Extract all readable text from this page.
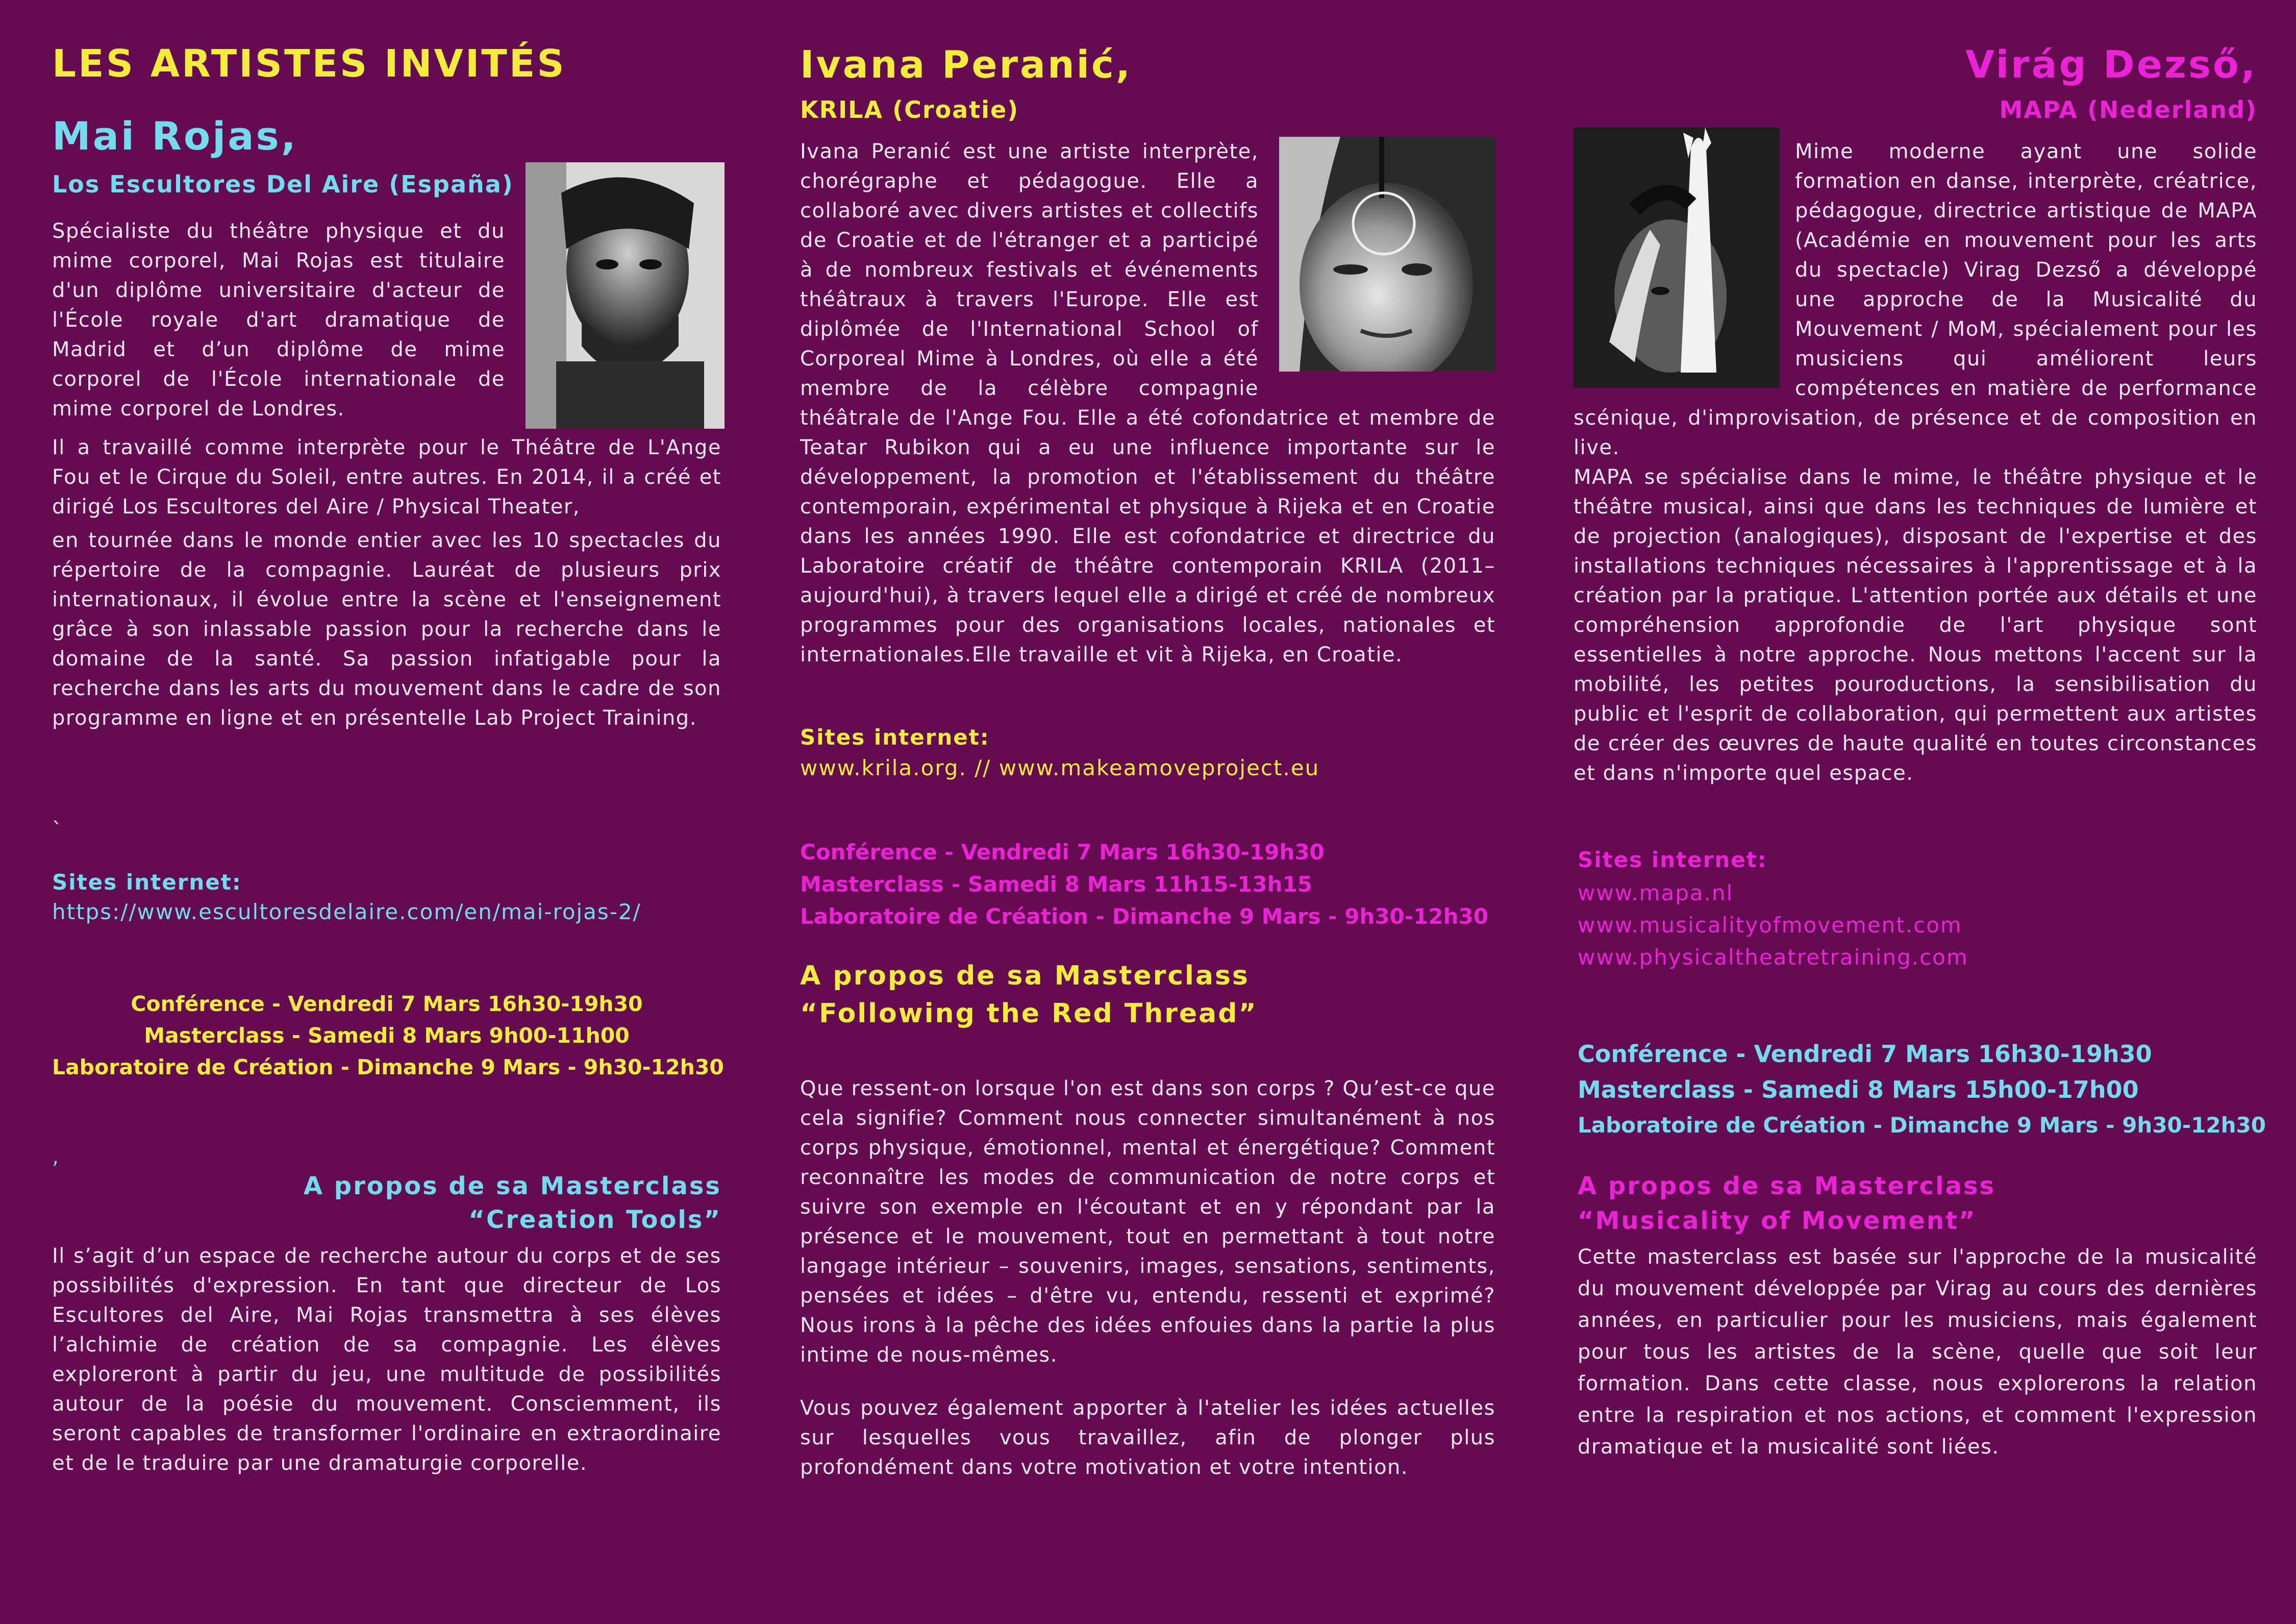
LES ARTISTES INVITÉS
Mai Rojas,
Los Escultores Del Aire (España)

Spécialiste du théâtre physique et du mime corporel, Mai Rojas est titulaire d'un diplôme universitaire d'acteur de l'École royale d'art dramatique de Madrid et d’un diplôme de mime corporel de l'École internationale de mime corporel de Londres.

Il a travaillé comme interprète pour le Théâtre de L'Ange Fou et le Cirque du Soleil, entre autres. En 2014, il a créé et dirigé Los Escultores del Aire / Physical Theater,

en tournée dans le monde entier avec les 10 spectacles du répertoire de la compagnie. Lauréat de plusieurs prix internationaux, il évolue entre la scène et l'enseignement grâce à son inlassable passion pour la recherche dans le domaine de la santé. Sa passion infatigable pour la recherche dans les arts du mouvement dans le cadre de son programme en ligne et en présentelle Lab Project Training.

`
Sites internet:
https://www.escultoresdelaire.com/en/mai-rojas-2/
Conférence - Vendredi 7 Mars 16h30-19h30
Masterclass - Samedi 8 Mars 9h00-11h00
Laboratoire de Création - Dimanche 9 Mars - 9h30-12h30
‚
A propos de sa Masterclass
“Creation Tools”

Il s’agit d’un espace de recherche autour du corps et de ses possibilités d'expression. En tant que directeur de Los Escultores del Aire, Mai Rojas transmettra à ses élèves l’alchimie de création de sa compagnie. Les élèves exploreront à partir du jeu, une multitude de possibilités autour de la poésie du mouvement. Consciemment, ils seront capables de transformer l'ordinaire en extraordinaire et de le traduire par une dramaturgie corporelle.

Ivana Peranić,
KRILA (Croatie)

Ivana Peranić est une artiste interprète, chorégraphe et pédagogue. Elle a collaboré avec divers artistes et collectifs de Croatie et de l'étranger et a participé à de nombreux festivals et événements théâtraux à travers l'Europe. Elle est diplômée de l'International School of Corporeal Mime à Londres, où elle a été membre de la célèbre compagnie théâtrale de l'Ange Fou. Elle a été cofondatrice et membre de Teatar Rubikon qui a eu une influence importante sur le développement, la promotion et l'établissement du théâtre contemporain, expérimental et physique à Rijeka et en Croatie dans les années 1990. Elle est cofondatrice et directrice du Laboratoire créatif de théâtre contemporain KRILA (2011–aujourd'hui), à travers lequel elle a dirigé et créé de nombreux programmes pour des organisations locales, nationales et internationales.Elle travaille et vit à Rijeka, en Croatie.

Sites internet:
www.krila.org. // www.makeamoveproject.eu
Conférence - Vendredi 7 Mars 16h30-19h30
Masterclass - Samedi 8 Mars 11h15-13h15
Laboratoire de Création - Dimanche 9 Mars - 9h30-12h30
A propos de sa Masterclass
“Following the Red Thread”

Que ressent-on lorsque l'on est dans son corps ? Qu’est-ce que cela signifie? Comment nous connecter simultanément à nos corps physique, émotionnel, mental et énergétique? Comment reconnaître les modes de communication de notre corps et suivre son exemple en l'écoutant et en y répondant par la présence et le mouvement, tout en permettant à tout notre langage intérieur – souvenirs, images, sensations, sentiments, pensées et idées – d'être vu, entendu, ressenti et exprimé? Nous irons à la pêche des idées enfouies dans la partie la plus intime de nous-mêmes.

Vous pouvez également apporter à l'atelier les idées actuelles sur lesquelles vous travaillez, afin de plonger plus profondément dans votre motivation et votre intention.

Virág Dezső,
MAPA (Nederland)

Mime moderne ayant une solide formation en danse, interprète, créatrice, pédagogue, directrice artistique de MAPA (Académie en mouvement pour les arts du spectacle) Virag Dezső a développé une approche de la Musicalité du Mouvement / MoM, spécialement pour les musiciens qui améliorent leurs compétences en matière de performance scénique, d'improvisation, de présence et de composition en live.

MAPA se spécialise dans le mime, le théâtre physique et le théâtre musical, ainsi que dans les techniques de lumière et de projection (analogiques), disposant de l'expertise et des installations techniques nécessaires à l'apprentissage et à la création par la pratique. L'attention portée aux détails et une compréhension approfondie de l'art physique sont essentielles à notre approche. Nous mettons l'accent sur la mobilité, les petites pouroductions, la sensibilisation du public et l'esprit de collaboration, qui permettent aux artistes de créer des œuvres de haute qualité en toutes circonstances et dans n'importe quel espace.

Sites internet:
www.mapa.nl
www.musicalityofmovement.com
www.physicaltheatretraining.com
Conférence - Vendredi 7 Mars 16h30-19h30
Masterclass - Samedi 8 Mars 15h00-17h00
Laboratoire de Création - Dimanche 9 Mars - 9h30-12h30
A propos de sa Masterclass
“Musicality of Movement”

Cette masterclass est basée sur l'approche de la musicalité du mouvement développée par Virag au cours des dernières années, en particulier pour les musiciens, mais également pour tous les artistes de la scène, quelle que soit leur formation. Dans cette classe, nous explorerons la relation entre la respiration et nos actions, et comment l'expression dramatique et la musicalité sont liées.
